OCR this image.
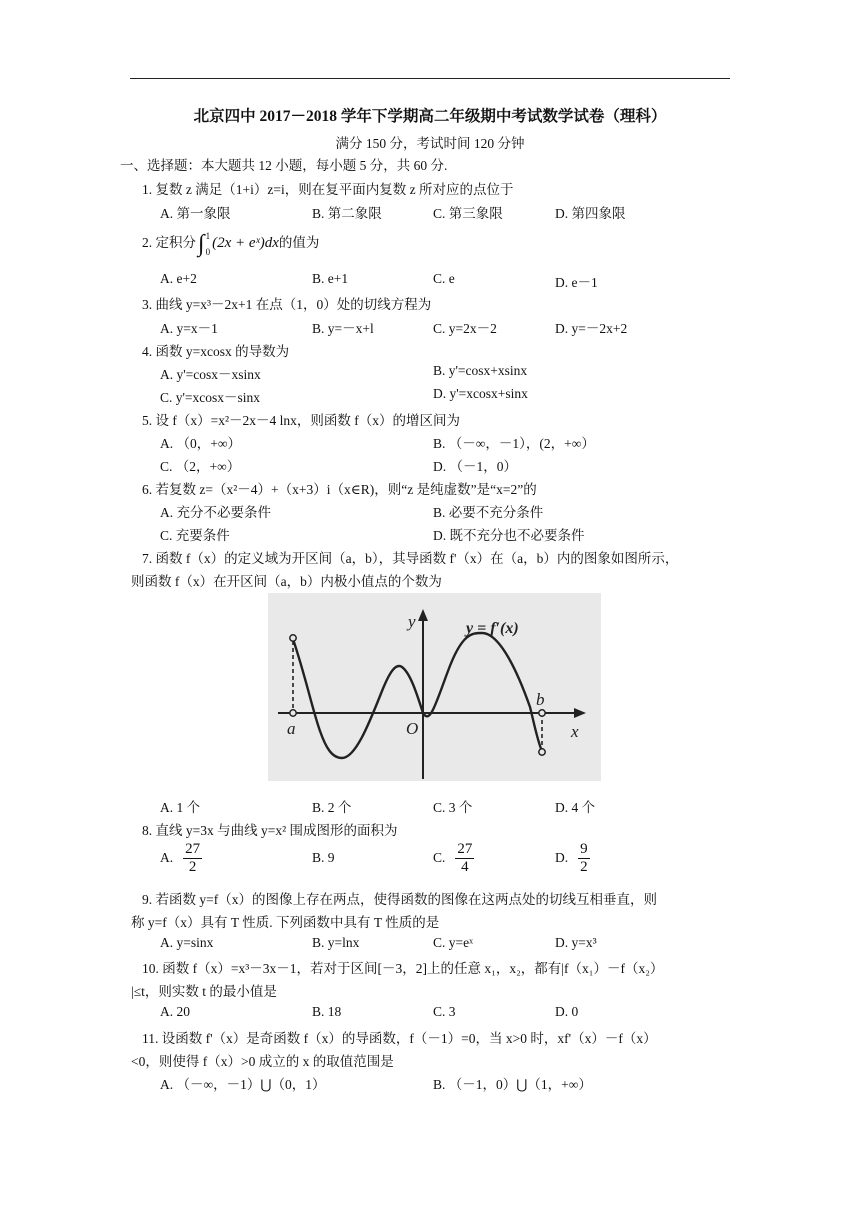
北京四中 2017－2018 学年下学期高二年级期中考试数学试卷（理科）
满分 150 分，考试时间 120 分钟
一、选择题：本大题共 12 小题，每小题 5 分，共 60 分.
1. 复数 z 满足（1+i）z=i，则在复平面内复数 z 所对应的点位于
A. 第一象限	B. 第二象限	C. 第三象限	D. 第四象限
2. 定积分∫ 1
0
(2x + eˣ)dx的值为
A. e+2	B. e+1	C. e	D. e－1
3. 曲线 y=x³－2x+1 在点（1，0）处的切线方程为
A. y=x－1	B. y=－x+l	C. y=2x－2	D. y=－2x+2
4. 函数 y=xcosx 的导数为
A. y'=cosx－xsinx	B. y'=cosx+xsinx
C. y'=xcosx－sinx	D. y'=xcosx+sinx
5. 设 f（x）=x²－2x－4 lnx，则函数 f（x）的增区间为
A. （0，+∞）	B. （－∞，－1），(2，+∞）
C. （2，+∞）	D. （－1，0）
6. 若复数 z=（x²－4）+（x+3）i（x∈R)，则“z 是纯虚数”是“x=2”的
A. 充分不必要条件	B. 必要不充分条件
C. 充要条件	D. 既不充分也不必要条件
7. 函数 f（x）的定义域为开区间（a，b），其导函数 f'（x）在（a，b）内的图象如图所示，
则函数 f（x）在开区间（a，b）内极小值点的个数为
y	y = f′(x)
a	O
b
x
A. 1 个	B. 2 个	C. 3 个	D. 4 个
8. 直线 y=3x 与曲线 y=x² 围成图形的面积为
A. $\frac{27}{2}$	B. 9	C. $\frac{27}{4}$	D. $\frac{9}{2}$
9. 若函数 y=f（x）的图像上存在两点，使得函数的图像在这两点处的切线互相垂直，则
称 y=f（x）具有 T 性质. 下列函数中具有 T 性质的是
A. y=sinx	B. y=lnx	C. y=eˣ	D. y=x³
10. 函数 f（x）=x³－3x－1，若对于区间[－3，2]上的任意 x₁，x₂，都有|f（x₁）－f（x₂）
|≤t，则实数 t 的最小值是
A. 20	B. 18	C. 3	D. 0
11. 设函数 f'（x）是奇函数 f（x）的导函数，f（－1）=0，当 x>0 时，xf'（x）－f（x）
<0，则使得 f（x）>0 成立的 x 的取值范围是
A. （－∞，－1）⋃（0，1）	B. （－1，0）⋃（1，+∞）
